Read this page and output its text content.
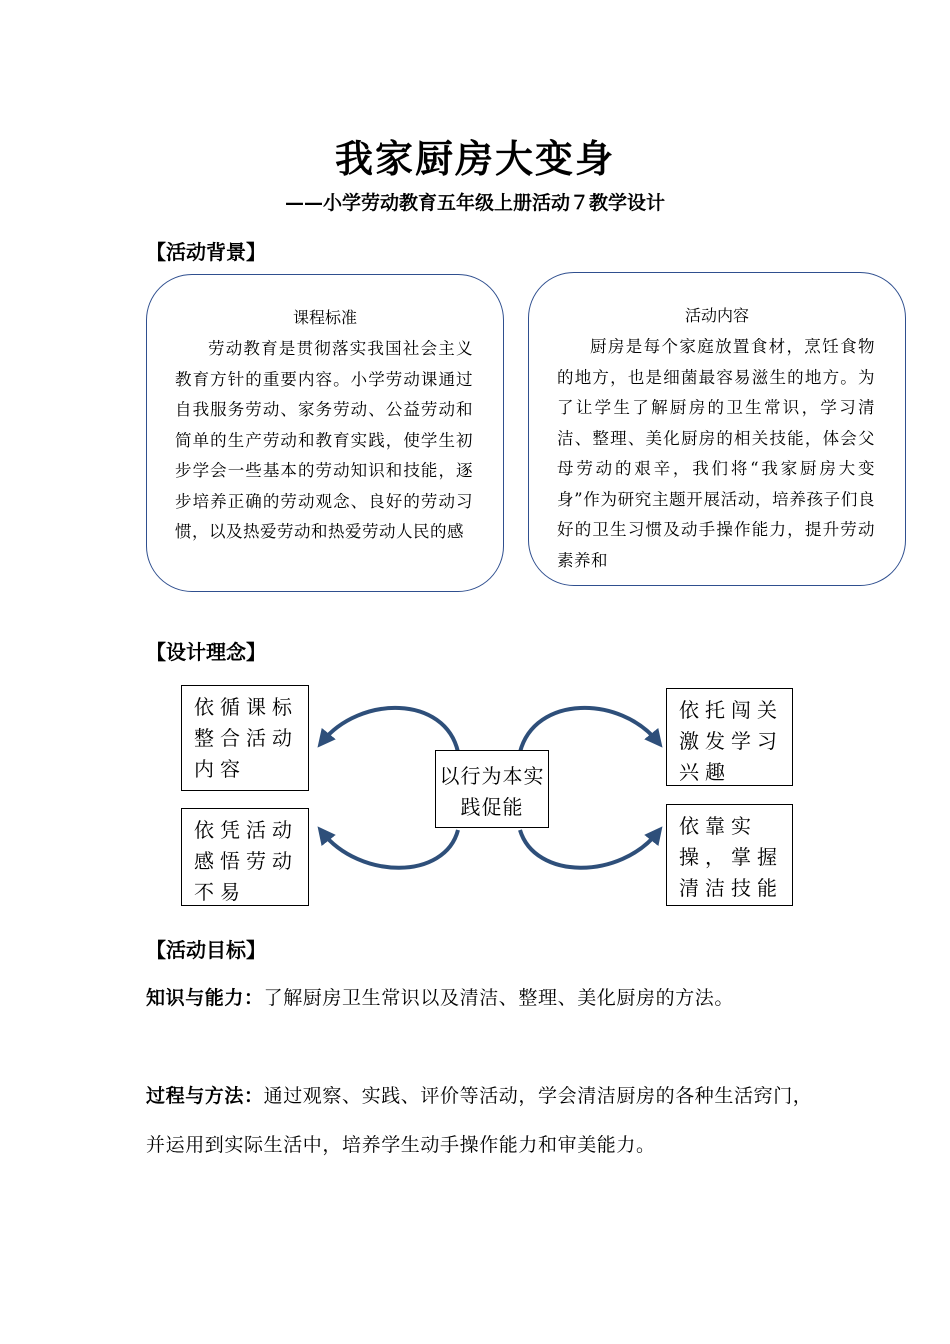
我家厨房大变身
——小学劳动教育五年级上册活动７教学设计
【活动背景】
课程标准
劳动教育是贯彻落实我国社会主义教育方针的重要内容。小学劳动课通过自我服务劳动、家务劳动、公益劳动和简单的生产劳动和教育实践，使学生初步学会一些基本的劳动知识和技能，逐步培养正确的劳动观念、良好的劳动习惯，以及热爱劳动和热爱劳动人民的感
活动内容
厨房是每个家庭放置食材，烹饪食物的地方，也是细菌最容易滋生的地方。为了让学生了解厨房的卫生常识，学习清洁、整理、美化厨房的相关技能，体会父母劳动的艰辛，我们将“我家厨房大变身”作为研究主题开展活动，培养孩子们良好的卫生习惯及动手操作能力，提升劳动素养和
【设计理念】
依循课标整合活动内容
依凭活动感悟劳动不易
以行为本实践促能
依托闯关激发学习兴趣
依靠实操，掌握清洁技能
【活动目标】
知识与能力：了解厨房卫生常识以及清洁、整理、美化厨房的方法。
过程与方法：通过观察、实践、评价等活动，学会清洁厨房的各种生活窍门，并运用到实际生活中，培养学生动手操作能力和审美能力。
